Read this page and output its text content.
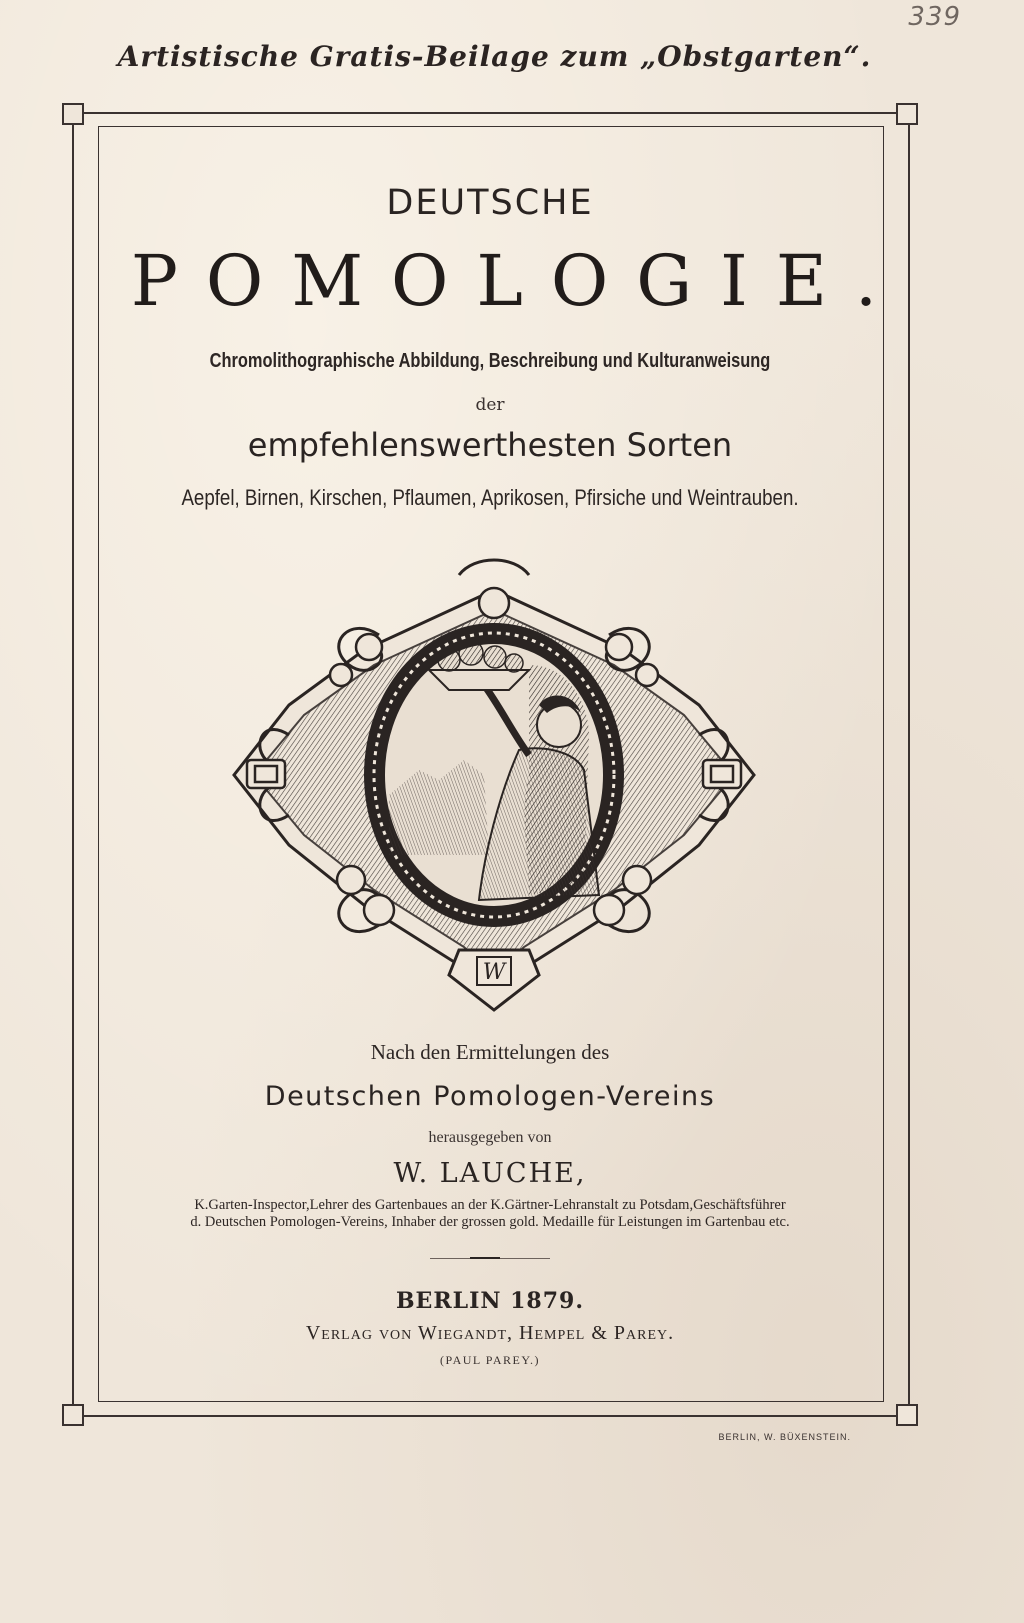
339
Artistische Gratis-Beilage zum „Obstgarten“.
DEUTSCHE
POMOLOGIE.
Chromolithographische Abbildung, Beschreibung und Kulturanweisung
der
empfehlenswerthesten Sorten
Aepfel, Birnen, Kirschen, Pflaumen, Aprikosen, Pfirsiche und Weintrauben.
W
Nach den Ermittelungen des
Deutschen Pomologen-Vereins
herausgegeben von
W. LAUCHE,
K.Garten-Inspector,Lehrer des Gartenbaues an der K.Gärtner-Lehranstalt zu Potsdam,Geschäftsführer
d. Deutschen Pomologen-Vereins, Inhaber der grossen gold. Medaille für Leistungen im Gartenbau etc.
BERLIN 1879.
Verlag von Wiegandt, Hempel & Parey.
(PAUL PAREY.)
BERLIN, W. BÜXENSTEIN.
